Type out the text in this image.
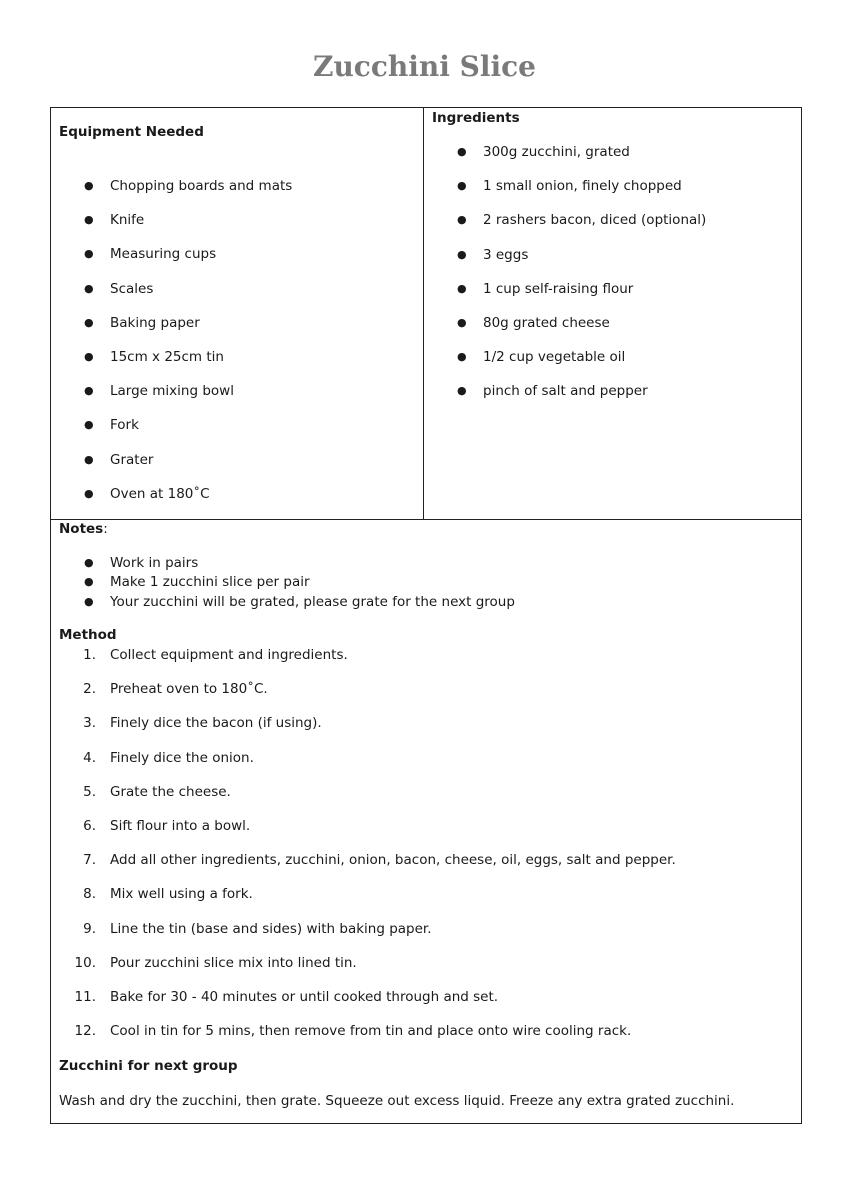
Zucchini Slice
Equipment Needed
● Chopping boards and mats
● Knife
● Measuring cups
● Scales
● Baking paper
● 15cm x 25cm tin
● Large mixing bowl
● Fork
● Grater
● Oven at 180˚C
Ingredients
● 300g zucchini, grated
● 1 small onion, finely chopped
● 2 rashers bacon, diced (optional)
● 3 eggs
● 1 cup self-raising flour
● 80g grated cheese
● 1/2 cup vegetable oil
● pinch of salt and pepper
Notes:
● Work in pairs
● Make 1 zucchini slice per pair
● Your zucchini will be grated, please grate for the next group
Method
1. Collect equipment and ingredients.
2. Preheat oven to 180˚C.
3. Finely dice the bacon (if using).
4. Finely dice the onion.
5. Grate the cheese.
6. Sift flour into a bowl.
7. Add all other ingredients, zucchini, onion, bacon, cheese, oil, eggs, salt and pepper.
8. Mix well using a fork.
9. Line the tin (base and sides) with baking paper.
10. Pour zucchini slice mix into lined tin.
11. Bake for 30 - 40 minutes or until cooked through and set.
12. Cool in tin for 5 mins, then remove from tin and place onto wire cooling rack.
Zucchini for next group
Wash and dry the zucchini, then grate. Squeeze out excess liquid. Freeze any extra grated zucchini.
